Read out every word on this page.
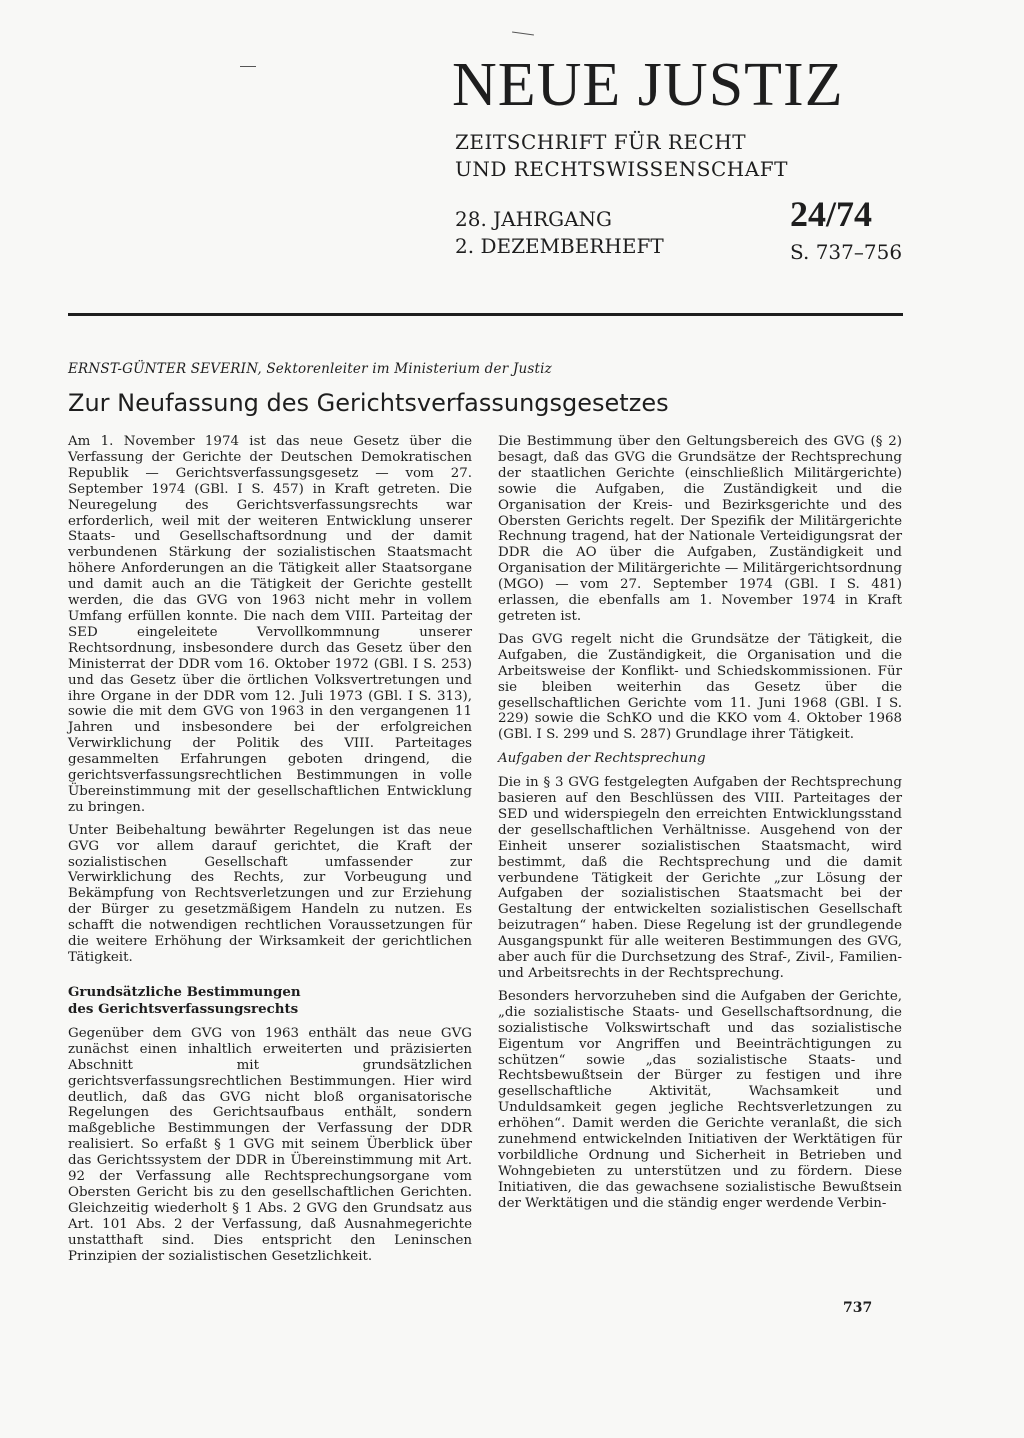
NEUE JUSTIZ
ZEITSCHRIFT FÜR RECHT
UND RECHTSWISSENSCHAFT
28. JAHRGANG
2. DEZEMBERHEFT
24/74
S. 737–756
ERNST-GÜNTER SEVERIN, Sektorenleiter im Ministerium der Justiz
Zur Neufassung des Gerichtsverfassungsgesetzes

Am 1. November 1974 ist das neue Gesetz über die Verfassung der Gerichte der Deutschen Demokratischen Republik — Gerichtsverfassungsgesetz — vom 27. September 1974 (GBl. I S. 457) in Kraft getreten. Die Neuregelung des Gerichtsverfassungsrechts war erforderlich, weil mit der weiteren Entwicklung unserer Staats- und Gesellschaftsordnung und der damit verbundenen Stärkung der sozialistischen Staatsmacht höhere Anforderungen an die Tätigkeit aller Staatsorgane und damit auch an die Tätigkeit der Gerichte gestellt werden, die das GVG von 1963 nicht mehr in vollem Umfang erfüllen konnte. Die nach dem VIII. Parteitag der SED eingeleitete Vervollkommnung unserer Rechtsordnung, insbesondere durch das Gesetz über den Ministerrat der DDR vom 16. Oktober 1972 (GBl. I S. 253) und das Gesetz über die örtlichen Volksvertretungen und ihre Organe in der DDR vom 12. Juli 1973 (GBl. I S. 313), sowie die mit dem GVG von 1963 in den vergangenen 11 Jahren und insbesondere bei der erfolgreichen Verwirklichung der Politik des VIII. Parteitages gesammelten Erfahrungen geboten dringend, die gerichtsverfassungsrechtlichen Bestimmungen in volle Übereinstimmung mit der gesellschaftlichen Entwicklung zu bringen.

Unter Beibehaltung bewährter Regelungen ist das neue GVG vor allem darauf gerichtet, die Kraft der sozialistischen Gesellschaft umfassender zur Verwirklichung des Rechts, zur Vorbeugung und Bekämpfung von Rechtsverletzungen und zur Erziehung der Bürger zu gesetzmäßigem Handeln zu nutzen. Es schafft die notwendigen rechtlichen Voraussetzungen für die weitere Erhöhung der Wirksamkeit der gerichtlichen Tätigkeit.

Grundsätzliche Bestimmungen
des Gerichtsverfassungsrechts

Gegenüber dem GVG von 1963 enthält das neue GVG zunächst einen inhaltlich erweiterten und präzisierten Abschnitt mit grundsätzlichen gerichtsverfassungsrechtlichen Bestimmungen. Hier wird deutlich, daß das GVG nicht bloß organisatorische Regelungen des Gerichtsaufbaus enthält, sondern maßgebliche Bestimmungen der Verfassung der DDR realisiert. So erfaßt § 1 GVG mit seinem Überblick über das Gerichtssystem der DDR in Übereinstimmung mit Art. 92 der Verfassung alle Rechtsprechungsorgane vom Obersten Gericht bis zu den gesellschaftlichen Gerichten. Gleichzeitig wiederholt § 1 Abs. 2 GVG den Grundsatz aus Art. 101 Abs. 2 der Verfassung, daß Ausnahmegerichte unstatthaft sind. Dies entspricht den Leninschen Prinzipien der sozialistischen Gesetzlichkeit.

Die Bestimmung über den Geltungsbereich des GVG (§ 2) besagt, daß das GVG die Grundsätze der Rechtsprechung der staatlichen Gerichte (einschließlich Militärgerichte) sowie die Aufgaben, die Zuständigkeit und die Organisation der Kreis- und Bezirksgerichte und des Obersten Gerichts regelt. Der Spezifik der Militärgerichte Rechnung tragend, hat der Nationale Verteidigungsrat der DDR die AO über die Aufgaben, Zuständigkeit und Organisation der Militärgerichte — Militärgerichtsordnung (MGO) — vom 27. September 1974 (GBl. I S. 481) erlassen, die ebenfalls am 1. November 1974 in Kraft getreten ist.

Das GVG regelt nicht die Grundsätze der Tätigkeit, die Aufgaben, die Zuständigkeit, die Organisation und die Arbeitsweise der Konflikt- und Schiedskommissionen. Für sie bleiben weiterhin das Gesetz über die gesellschaftlichen Gerichte vom 11. Juni 1968 (GBl. I S. 229) sowie die SchKO und die KKO vom 4. Oktober 1968 (GBl. I S. 299 und S. 287) Grundlage ihrer Tätigkeit.

Aufgaben der Rechtsprechung

Die in § 3 GVG festgelegten Aufgaben der Rechtsprechung basieren auf den Beschlüssen des VIII. Parteitages der SED und widerspiegeln den erreichten Entwicklungsstand der gesellschaftlichen Verhältnisse. Ausgehend von der Einheit unserer sozialistischen Staatsmacht, wird bestimmt, daß die Rechtsprechung und die damit verbundene Tätigkeit der Gerichte „zur Lösung der Aufgaben der sozialistischen Staatsmacht bei der Gestaltung der entwickelten sozialistischen Gesellschaft beizutragen“ haben. Diese Regelung ist der grundlegende Ausgangspunkt für alle weiteren Bestimmungen des GVG, aber auch für die Durchsetzung des Straf-, Zivil-, Familien- und Arbeitsrechts in der Rechtsprechung.

Besonders hervorzuheben sind die Aufgaben der Gerichte, „die sozialistische Staats- und Gesellschaftsordnung, die sozialistische Volkswirtschaft und das sozialistische Eigentum vor Angriffen und Beeinträchtigungen zu schützen“ sowie „das sozialistische Staats- und Rechtsbewußtsein der Bürger zu festigen und ihre gesellschaftliche Aktivität, Wachsamkeit und Unduldsamkeit gegen jegliche Rechtsverletzungen zu erhöhen“. Damit werden die Gerichte veranlaßt, die sich zunehmend entwickelnden Initiativen der Werktätigen für vorbildliche Ordnung und Sicherheit in Betrieben und Wohngebieten zu unterstützen und zu fördern. Diese Initiativen, die das gewachsene sozialistische Bewußtsein der Werktätigen und die ständig enger werdende Verbin-

737
